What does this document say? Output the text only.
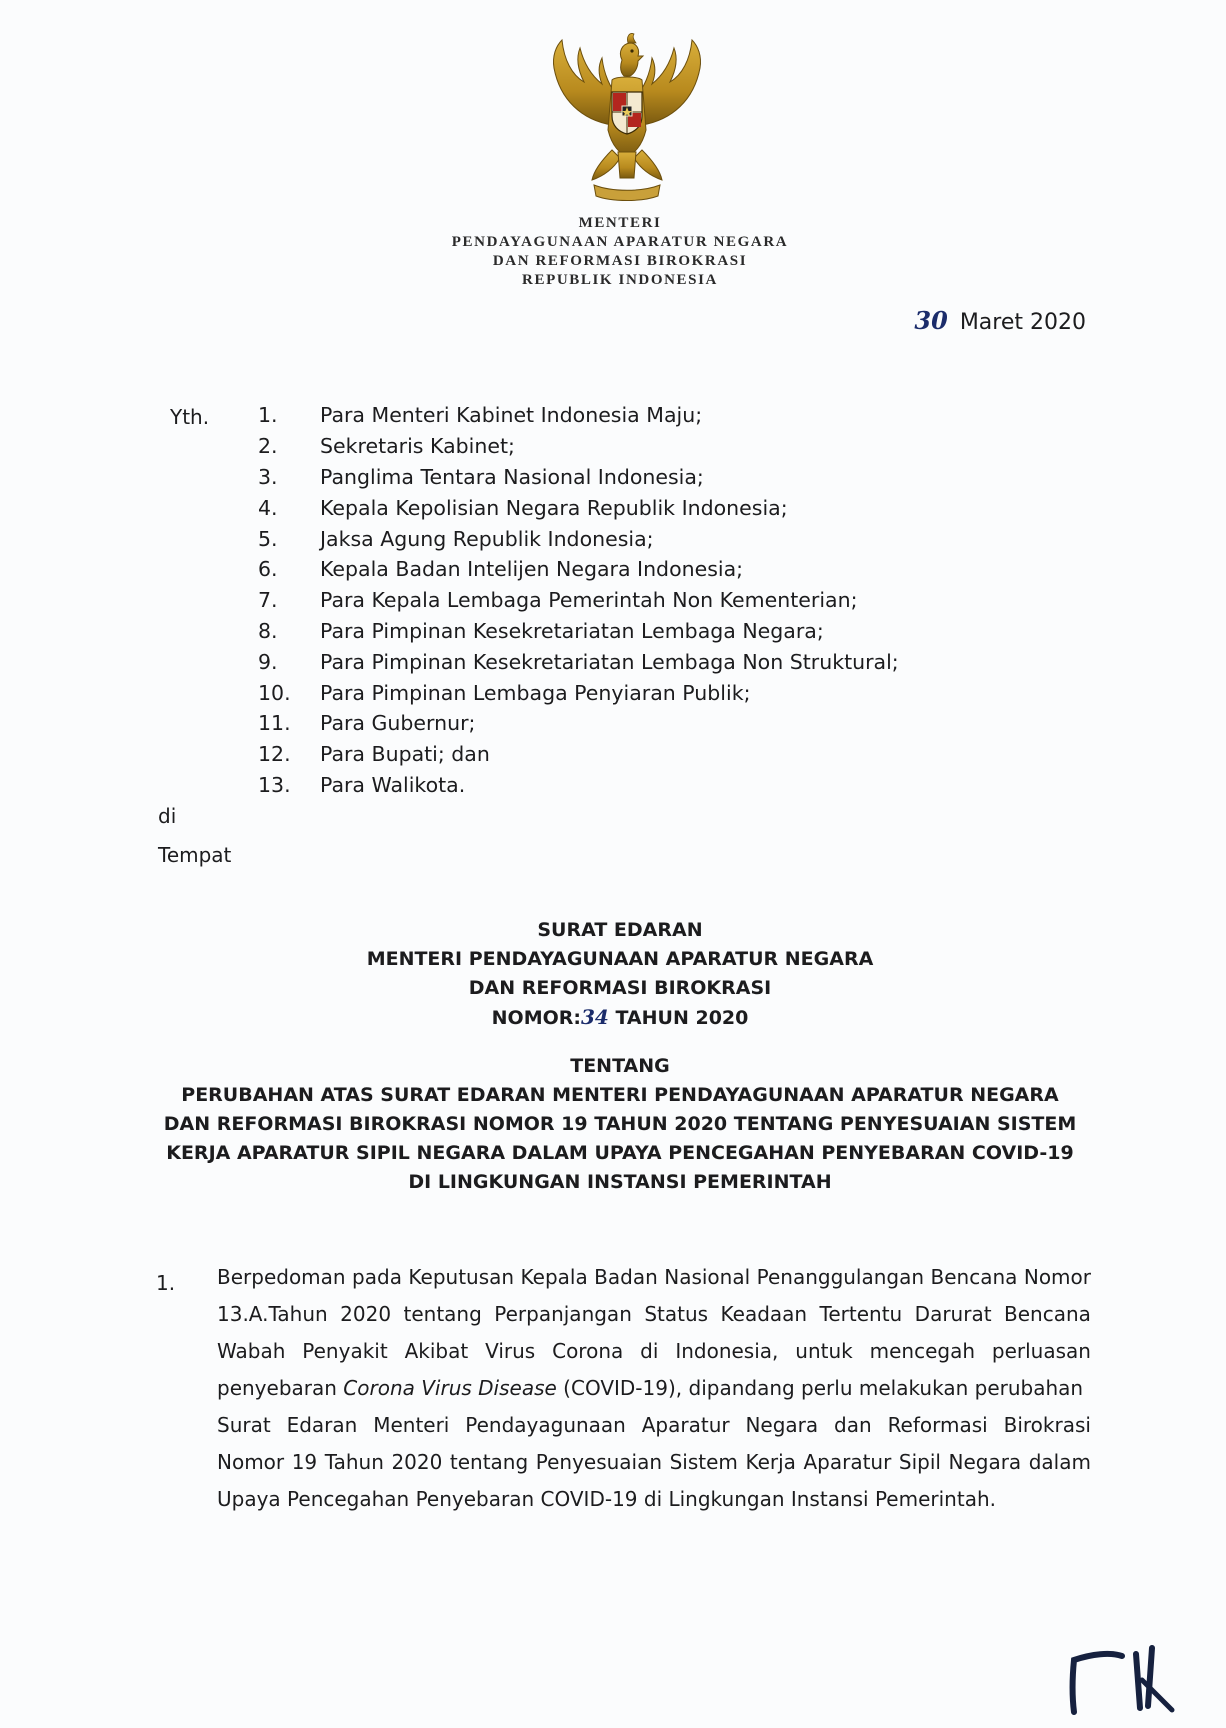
MENTERI
PENDAYAGUNAAN APARATUR NEGARA
DAN REFORMASI BIROKRASI
REPUBLIK INDONESIA
30 Maret 2020
Yth. 1.	Para Menteri Kabinet Indonesia Maju;
2.	Sekretaris Kabinet;
3.	Panglima Tentara Nasional Indonesia;
4.	Kepala Kepolisian Negara Republik Indonesia;
5.	Jaksa Agung Republik Indonesia;
6.	Kepala Badan Intelijen Negara Indonesia;
7.	Para Kepala Lembaga Pemerintah Non Kementerian;
8.	Para Pimpinan Kesekretariatan Lembaga Negara;
9.	Para Pimpinan Kesekretariatan Lembaga Non Struktural;
10.	Para Pimpinan Lembaga Penyiaran Publik;
11.	Para Gubernur;
12.	Para Bupati; dan
13.	Para Walikota.
di
Tempat
SURAT EDARAN
MENTERI PENDAYAGUNAAN APARATUR NEGARA
DAN REFORMASI BIROKRASI
NOMOR:34 TAHUN 2020
TENTANG
PERUBAHAN ATAS SURAT EDARAN MENTERI PENDAYAGUNAAN APARATUR NEGARA
DAN REFORMASI BIROKRASI NOMOR 19 TAHUN 2020 TENTANG PENYESUAIAN SISTEM
KERJA APARATUR SIPIL NEGARA DALAM UPAYA PENCEGAHAN PENYEBARAN COVID-19
DI LINGKUNGAN INSTANSI PEMERINTAH
1. Berpedoman pada Keputusan Kepala Badan Nasional Penanggulangan Bencana Nomor
13.A.Tahun 2020 tentang Perpanjangan Status Keadaan Tertentu Darurat Bencana
Wabah Penyakit Akibat Virus Corona di Indonesia, untuk mencegah perluasan
penyebaran Corona Virus Disease (COVID-19), dipandang perlu melakukan perubahan
Surat Edaran Menteri Pendayagunaan Aparatur Negara dan Reformasi Birokrasi
Nomor 19 Tahun 2020 tentang Penyesuaian Sistem Kerja Aparatur Sipil Negara dalam
Upaya Pencegahan Penyebaran COVID-19 di Lingkungan Instansi Pemerintah.
